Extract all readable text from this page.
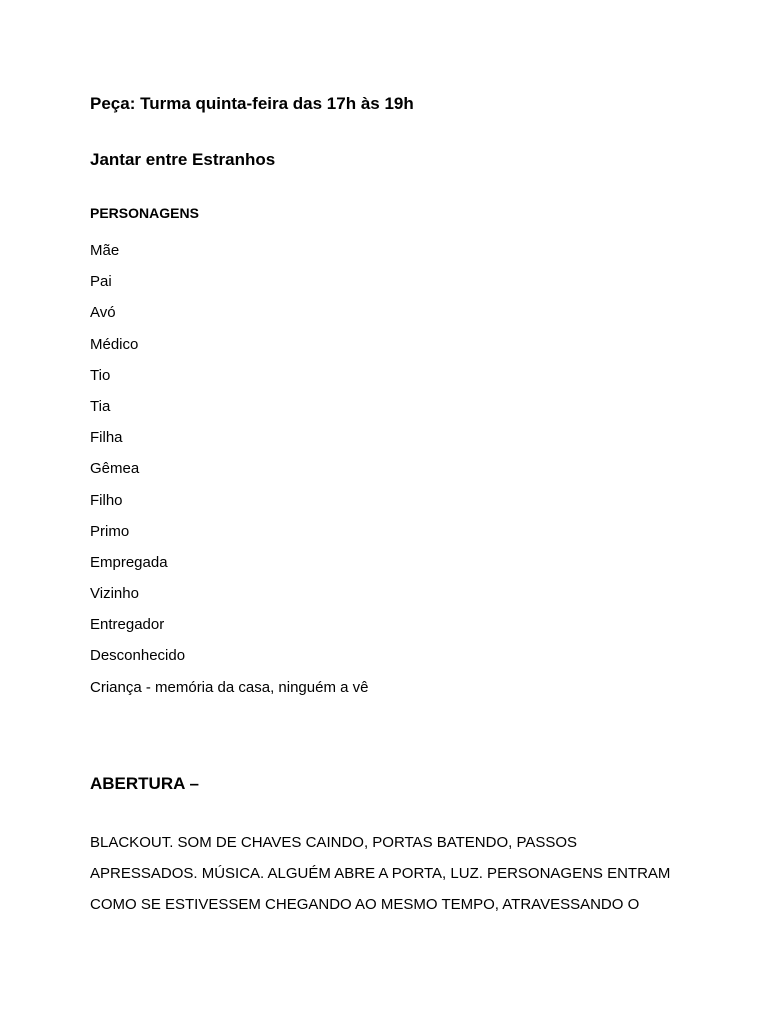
Peça: Turma quinta-feira das 17h às 19h

Jantar entre Estranhos

PERSONAGENS

Mãe
Pai
Avó
Médico
Tio
Tia
Filha
Gêmea
Filho
Primo
Empregada
Vizinho
Entregador
Desconhecido
Criança - memória da casa, ninguém a vê

ABERTURA –

BLACKOUT. SOM DE CHAVES CAINDO, PORTAS BATENDO, PASSOS
APRESSADOS. MÚSICA. ALGUÉM ABRE A PORTA, LUZ. PERSONAGENS ENTRAM
COMO SE ESTIVESSEM CHEGANDO AO MESMO TEMPO, ATRAVESSANDO O
